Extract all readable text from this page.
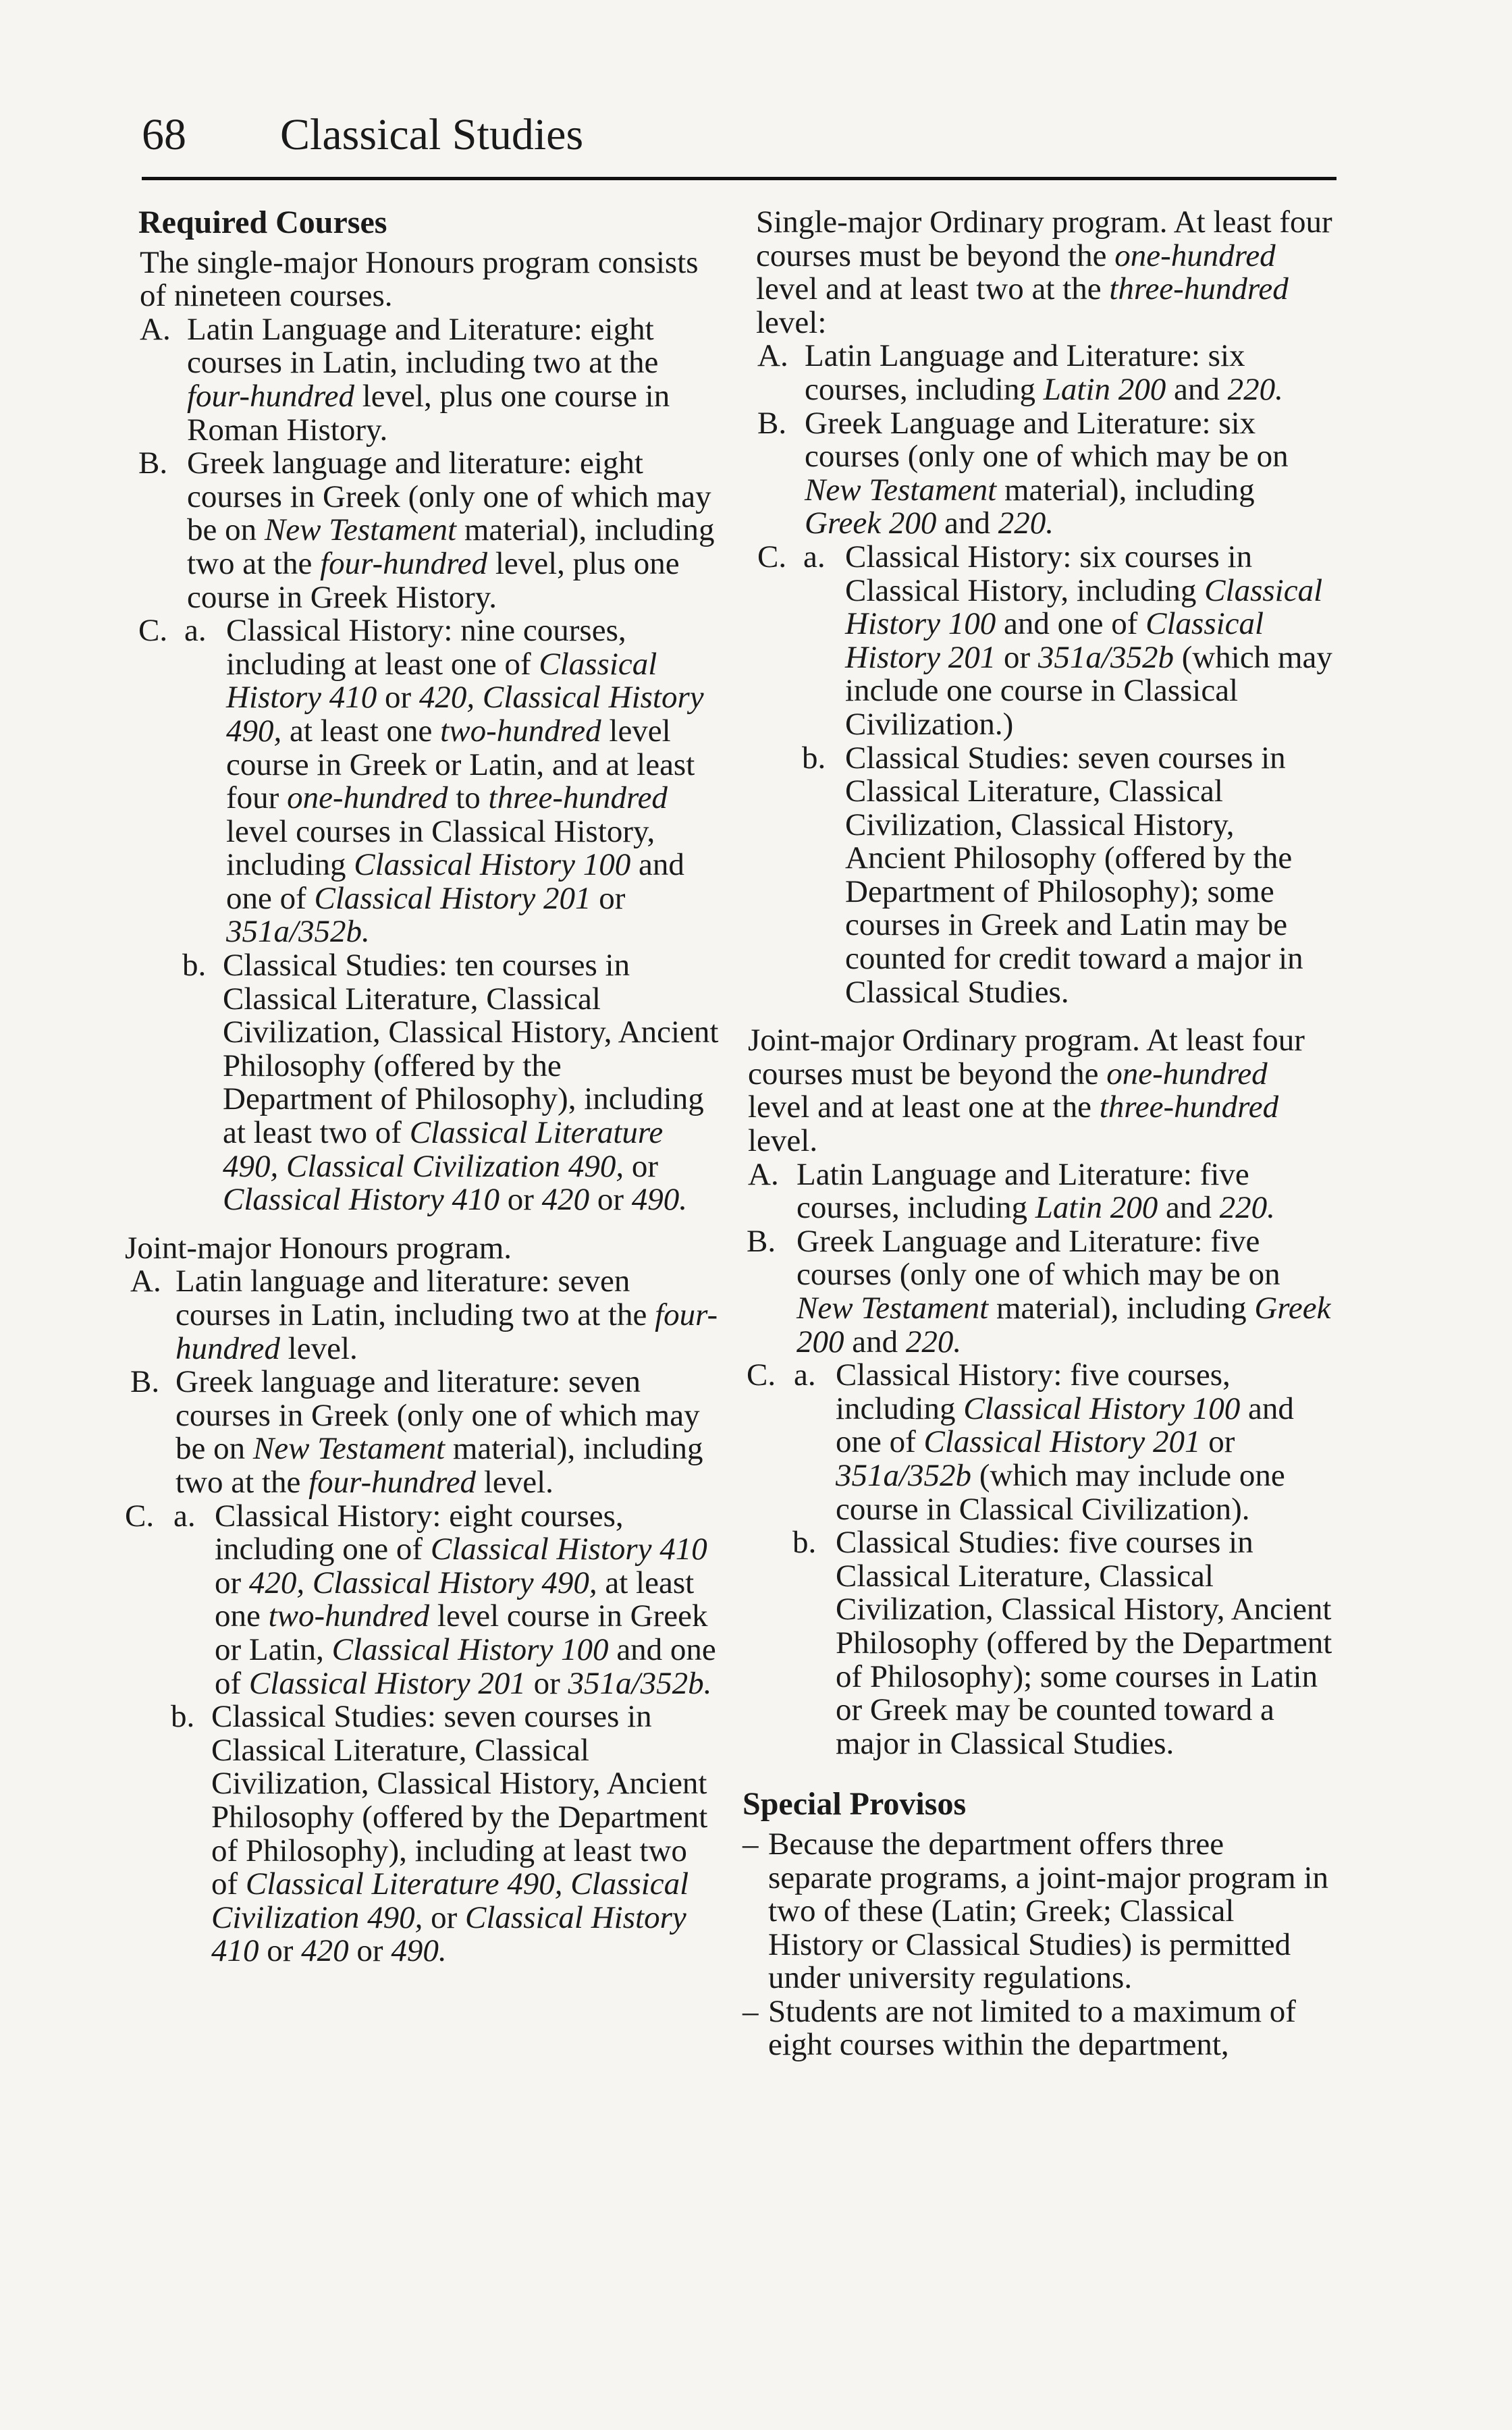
68 Classical Studies
Required Courses

The single-major Honours program consists of nineteen courses.

A. Latin Language and Literature: eight courses in Latin, including two at the four-hundred level, plus one course in Roman History.
B. Greek language and literature: eight courses in Greek (only one of which may be on New Testament material), including two at the four-hundred level, plus one course in Greek History.
C. a. Classical History: nine courses, including at least one of Classical History 410 or 420, Classical History 490, at least one two-hundred level course in Greek or Latin, and at least four one-hundred to three-hundred level courses in Classical History, including Classical History 100 and one of Classical History 201 or 351a/352b.
b. Classical Studies: ten courses in Classical Literature, Classical Civilization, Classical History, Ancient Philosophy (offered by the Department of Philosophy), including at least two of Classical Literature 490, Classical Civilization 490, or Classical History 410 or 420 or 490.

Joint-major Honours program.

A. Latin language and literature: seven courses in Latin, including two at the four-hundred level.
B. Greek language and literature: seven courses in Greek (only one of which may be on New Testament material), including two at the four-hundred level.
C. a. Classical History: eight courses, including one of Classical History 410 or 420, Classical History 490, at least one two-hundred level course in Greek or Latin, Classical History 100 and one of Classical History 201 or 351a/352b.
b. Classical Studies: seven courses in Classical Literature, Classical Civilization, Classical History, Ancient Philosophy (offered by the Department of Philosophy), including at least two of Classical Literature 490, Classical Civilization 490, or Classical History 410 or 420 or 490.

Single-major Ordinary program. At least four courses must be beyond the one-hundred level and at least two at the three-hundred level:

A. Latin Language and Literature: six courses, including Latin 200 and 220.
B. Greek Language and Literature: six courses (only one of which may be on New Testament material), including Greek 200 and 220.
C. a. Classical History: six courses in Classical History, including Classical History 100 and one of Classical History 201 or 351a/352b (which may include one course in Classical Civilization.)
b. Classical Studies: seven courses in Classical Literature, Classical Civilization, Classical History, Ancient Philosophy (offered by the Department of Philosophy); some courses in Greek and Latin may be counted for credit toward a major in Classical Studies.

Joint-major Ordinary program. At least four courses must be beyond the one-hundred level and at least one at the three-hundred level.

A. Latin Language and Literature: five courses, including Latin 200 and 220.
B. Greek Language and Literature: five courses (only one of which may be on New Testament material), including Greek 200 and 220.
C. a. Classical History: five courses, including Classical History 100 and one of Classical History 201 or 351a/352b (which may include one course in Classical Civilization).
b. Classical Studies: five courses in Classical Literature, Classical Civilization, Classical History, Ancient Philosophy (offered by the Department of Philosophy); some courses in Latin or Greek may be counted toward a major in Classical Studies.
Special Provisos
– Because the department offers three separate programs, a joint-major program in two of these (Latin; Greek; Classical History or Classical Studies) is permitted under university regulations.
– Students are not limited to a maximum of eight courses within the department,
